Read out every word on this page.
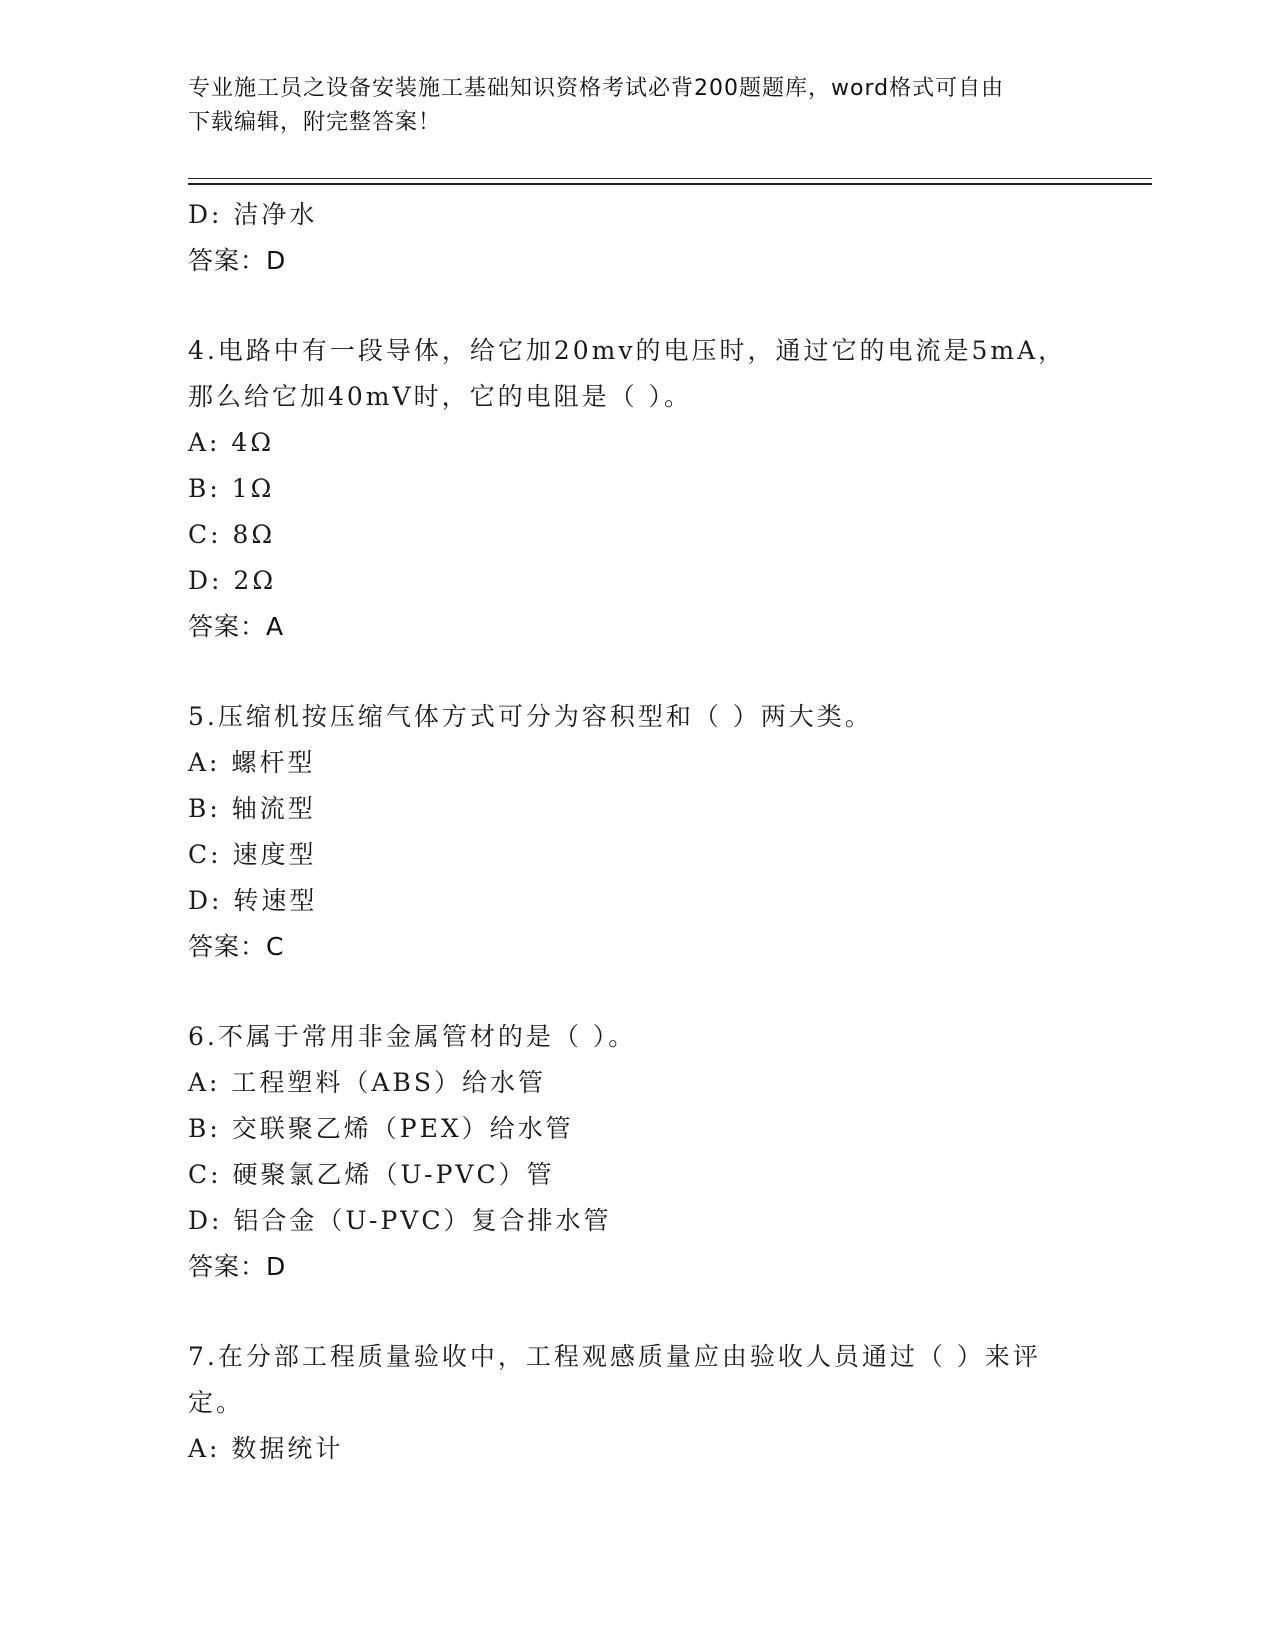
专业施工员之设备安装施工基础知识资格考试必背200题题库，word格式可自由
下载编辑，附完整答案！
D: 洁净水
答案：D
4.电路中有一段导体，给它加20mv的电压时，通过它的电流是5mA，
那么给它加40mV时，它的电阻是（ ）。
A: 4Ω
B: 1Ω
C: 8Ω
D: 2Ω
答案：A
5.压缩机按压缩气体方式可分为容积型和（ ）两大类。
A: 螺杆型
B: 轴流型
C: 速度型
D: 转速型
答案：C
6.不属于常用非金属管材的是（ ）。
A: 工程塑料（ABS）给水管
B: 交联聚乙烯（PEX）给水管
C: 硬聚氯乙烯（U-PVC）管
D: 铝合金（U-PVC）复合排水管
答案：D
7.在分部工程质量验收中，工程观感质量应由验收人员通过（ ）来评
定。
A: 数据统计
